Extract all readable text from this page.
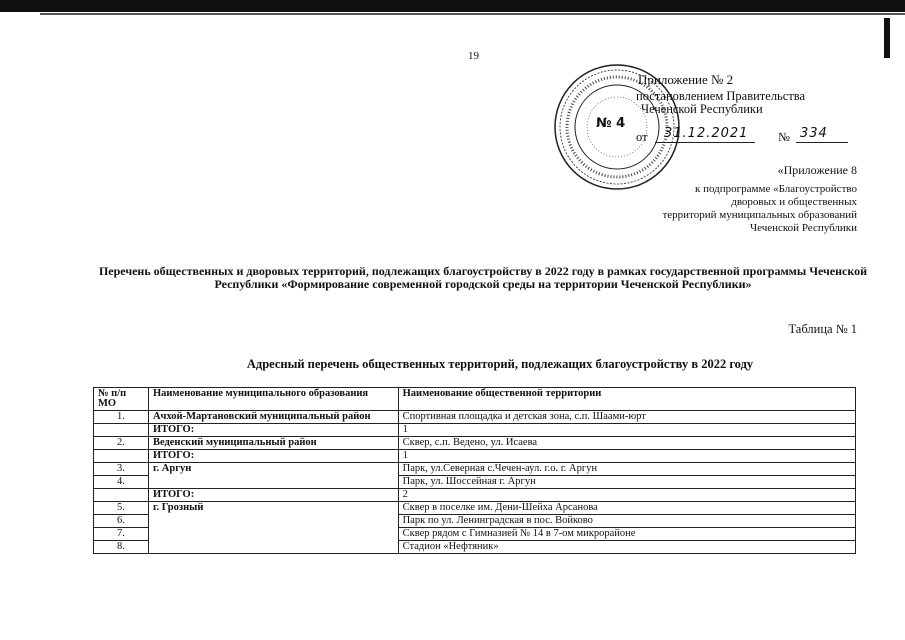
19
№ 4
Приложение № 2
постановлением Правительства
Чеченской Республики
от 31.12.2021 № 334
«Приложение 8
к подпрограмме «Благоустройство
дворовых и общественных
территорий муниципальных образований
Чеченской Республики
Перечень общественных и дворовых территорий, подлежащих благоустройству в 2022 году в рамках государственной программы Чеченской Республики «Формирование современной городской среды на территории Чеченской Республики»
Таблица № 1
Адресный перечень общественных территорий, подлежащих благоустройству в 2022 году
№ п/п МО	Наименование муниципального образования	Наименование общественной территории
1.	Ачхой-Мартановский муниципальный район	Спортивная площадка и детская зона, с.п. Шаами-юрт
	ИТОГО:	1
2.	Веденский муниципальный район	Сквер, с.п. Ведено, ул. Исаева
	ИТОГО:	1
3.	г. Аргун	Парк, ул.Северная с.Чечен-аул. г.о. г. Аргун
4.		Парк, ул. Шоссейная г. Аргун
	ИТОГО:	2
5.	г. Грозный	Сквер в поселке им. Дени-Шейха Арсанова
6.		Парк по ул. Ленинградская в пос. Войково
7.		Сквер рядом с Гимназией № 14 в 7-ом микрорайоне
8.		Стадион «Нефтяник»
